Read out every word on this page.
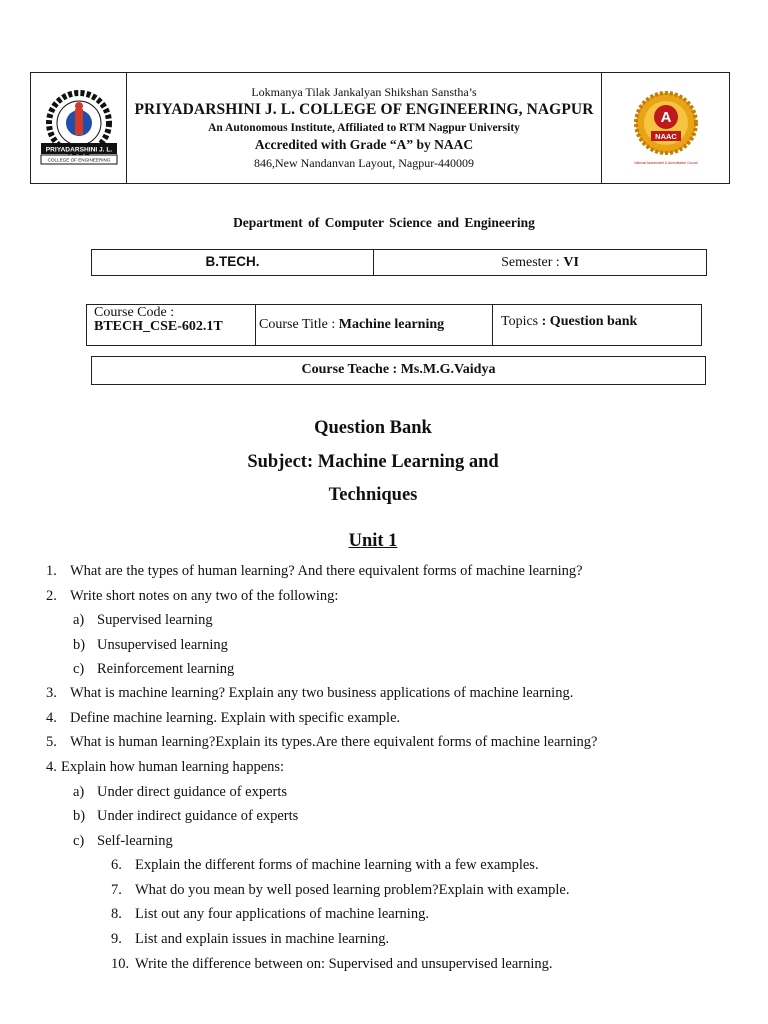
PRIYADARSHINI J. L.
COLLEGE OF ENGINEERING
Lokmanya Tilak Jankalyan Shikshan Sanstha’s
PRIYADARSHINI J. L. COLLEGE OF ENGINEERING, NAGPUR
An Autonomous Institute, Affiliated to RTM Nagpur University
Accredited with Grade “A” by NAAC
846,New Nandanvan Layout, Nagpur-440009
A
NAAC
National Assessment & Accreditation Council
Department of Computer Science and Engineering
B.TECH.	Semester : VI
Course Code :
BTECH_CSE-602.1T	Course Title : Machine learning	Topics : Question bank
Course Teache : Ms.M.G.Vaidya
Question Bank
Subject: Machine Learning and
Techniques
Unit 1
1. What are the types of human learning? And there equivalent forms of machine learning?
2. Write short notes on any two of the following:
a) Supervised learning
b) Unsupervised learning
c) Reinforcement learning
3. What is machine learning? Explain any two business applications of machine learning.
4. Define machine learning. Explain with specific example.
5. What is human learning?Explain its types.Are there equivalent forms of machine learning?
4. Explain how human learning happens:
a) Under direct guidance of experts
b) Under indirect guidance of experts
c) Self-learning
6. Explain the different forms of machine learning with a few examples.
7. What do you mean by well posed learning problem?Explain with example.
8. List out any four applications of machine learning.
9. List and explain issues in machine learning.
10. Write the difference between on: Supervised and unsupervised learning.
